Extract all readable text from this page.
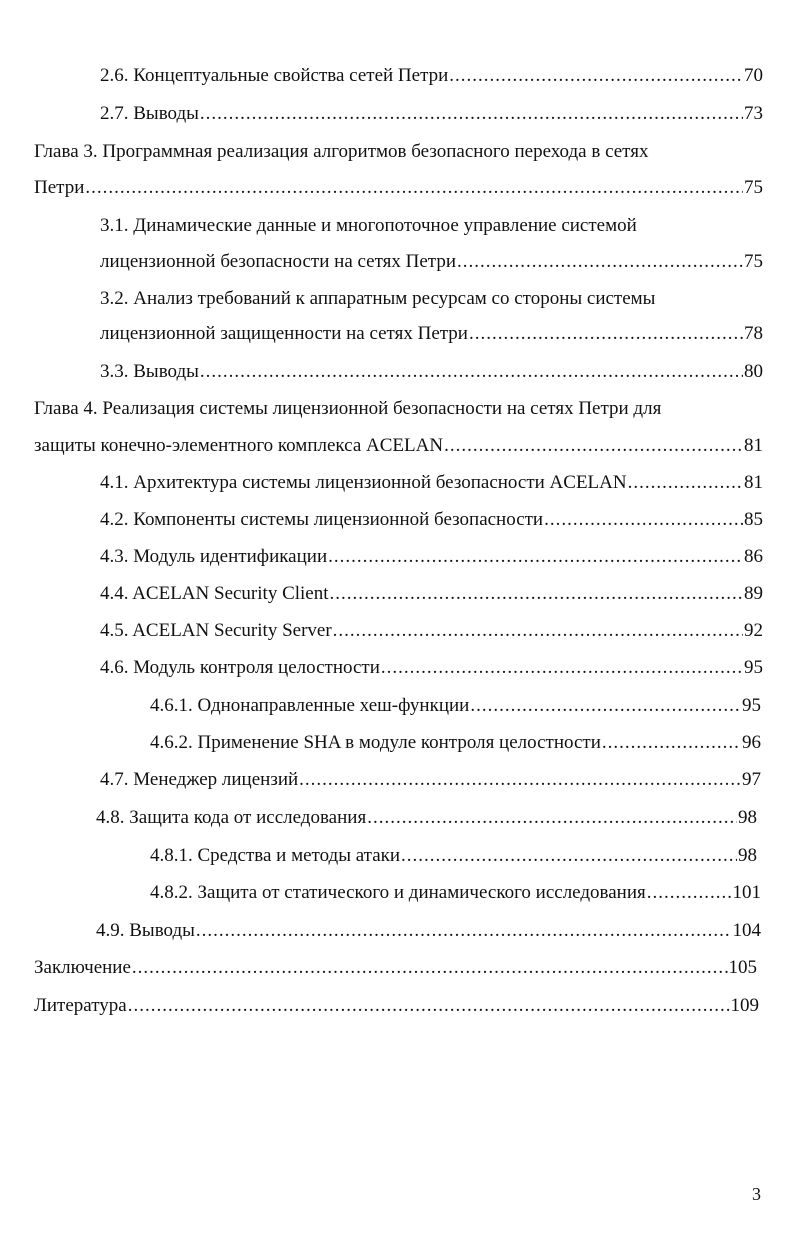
2.6. Концептуальные свойства сетей Петри .....	70
2.7. Выводы .....	73
Глава 3. Программная реализация алгоритмов безопасного перехода в сетях
Петри .....	75
3.1. Динамические данные и многопоточное управление системой
лицензионной безопасности на сетях Петри .....	75
3.2. Анализ требований к аппаратным ресурсам со стороны системы
лицензионной защищенности на сетях Петри .....	78
3.3. Выводы .....	80
Глава 4. Реализация системы лицензионной безопасности на сетях Петри для
защиты конечно-элементного комплекса ACELAN .....	81
4.1. Архитектура системы лицензионной безопасности ACELAN .....	81
4.2. Компоненты системы лицензионной безопасности .....	85
4.3. Модуль идентификации .....	86
4.4. ACELAN Security Client .....	89
4.5. ACELAN Security Server .....	92
4.6. Модуль контроля целостности .....	95
4.6.1. Однонаправленные хеш-функции .....	95
4.6.2. Применение SHA в модуле контроля целостности .....	96
4.7. Менеджер лицензий .....	97
4.8. Защита кода от исследования .....	98
4.8.1. Средства и методы атаки .....	98
4.8.2. Защита от статического и динамического исследования .....	101
4.9. Выводы .....	104
Заключение .....	105
Литература .....	109
3
